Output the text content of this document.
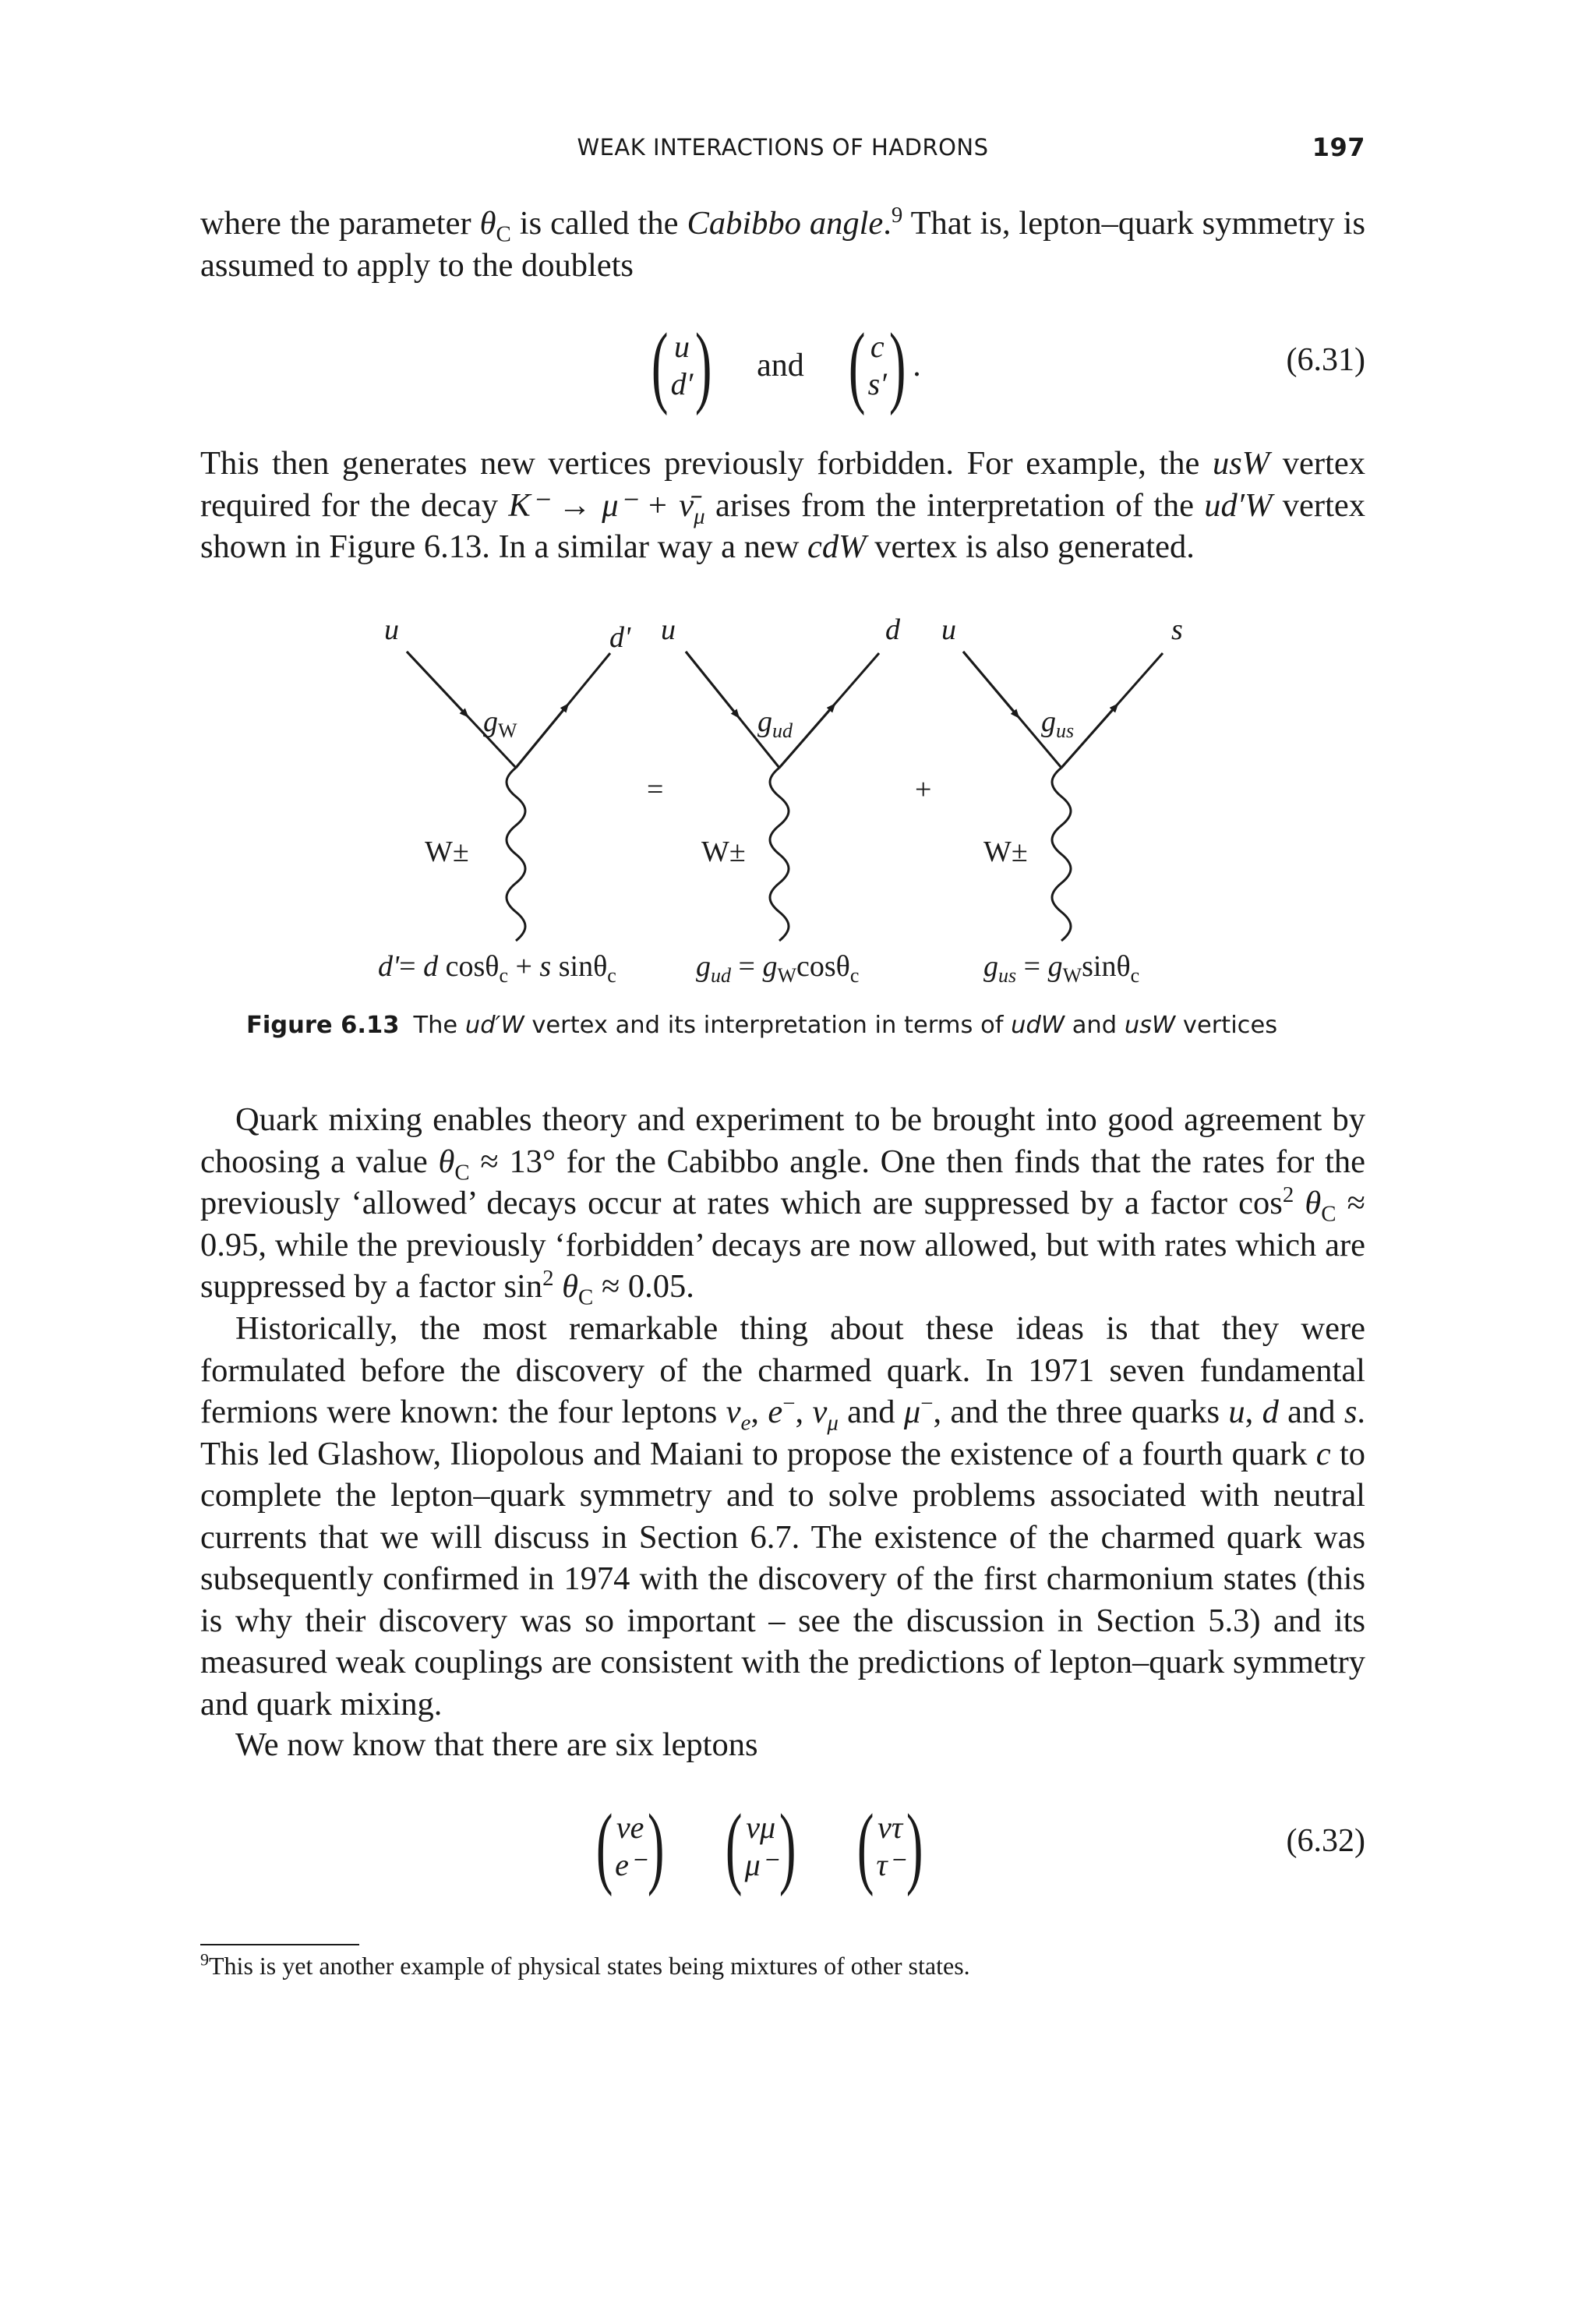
WEAK INTERACTIONS OF HADRONS	197
where the parameter $\theta_C$ is called the Cabibbo angle.$^9$ That is, lepton–quark symmetry is assumed to apply to the doublets
( u
d′ ) and ( c
s′ ) .	(6.31)
This then generates new vertices previously forbidden. For example, the usW vertex required for the decay $K^- \to \mu^- + \nū_\mu$ arises from the interpretation of the ud′W vertex shown in Figure 6.13. In a similar way a new cdW vertex is also generated.
u	d'
$g_W$
W±
=
u	d
$g_{ud}$
W±
+
u	s
$g_{us}$
W±
d'= d cosθ$_c$ + s sinθ$_c$	$g_{ud} = g_W\cos\theta_c$	$g_{us} = g_W\sin\theta_c$
Figure 6.13 The ud′W vertex and its interpretation in terms of udW and usW vertices
Quark mixing enables theory and experiment to be brought into good agreement by choosing a value $\theta_C \approx 13^\circ$ for the Cabibbo angle. One then finds that the rates for the previously ‘allowed’ decays occur at rates which are suppressed by a factor $\cos^2 \theta_C \approx 0.95$, while the previously ‘forbidden’ decays are now allowed, but with rates which are suppressed by a factor $\sin^2 \theta_C \approx 0.05$.
Historically, the most remarkable thing about these ideas is that they were formulated before the discovery of the charmed quark. In 1971 seven fundamental fermions were known: the four leptons $\nu_e$, e−, $\nu_\mu$ and μ−, and the three quarks u, d and s. This led Glashow, Iliopolous and Maiani to propose the existence of a fourth quark c to complete the lepton–quark symmetry and to solve problems associated with neutral currents that we will discuss in Section 6.7. The existence of the charmed quark was subsequently confirmed in 1974 with the discovery of the first charmonium states (this is why their discovery was so important – see the discussion in Section 5.3) and its measured weak couplings are consistent with the predictions of lepton–quark symmetry and quark mixing.
We now know that there are six leptons
( νe
e⁻ )
( νμ
μ⁻ )
( ντ
τ⁻ )	(6.32)
$^9$This is yet another example of physical states being mixtures of other states.
